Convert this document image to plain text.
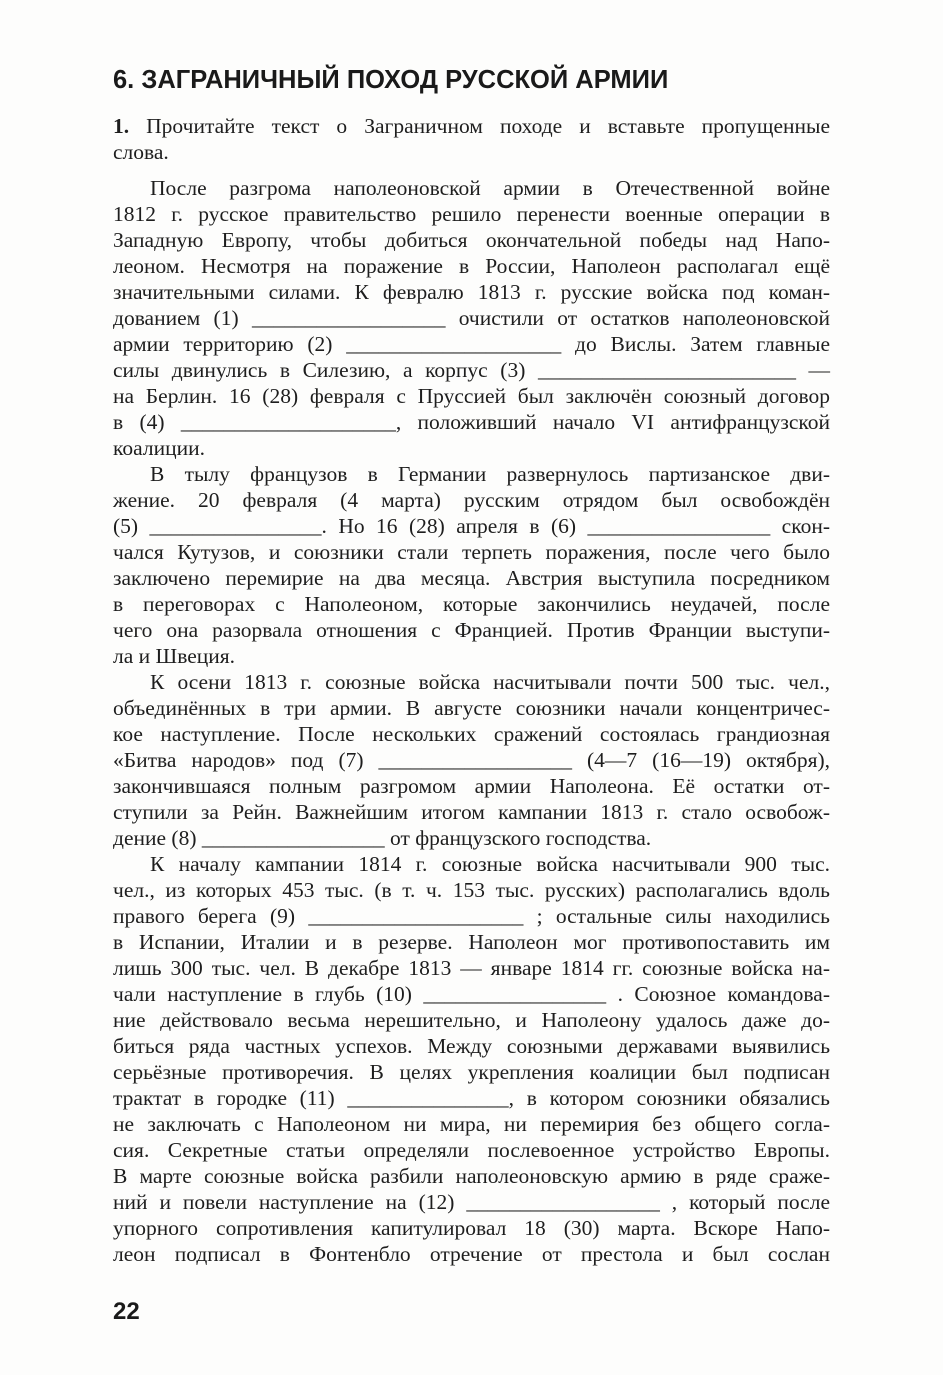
6. ЗАГРАНИЧНЫЙ ПОХОД РУССКОЙ АРМИИ
1. Прочитайте текст о Заграничном походе и вставьте пропущенные
слова.
После разгрома наполеоновской армии в Отечественной войне
1812 г. русское правительство решило перенести военные операции в
Западную Европу, чтобы добиться окончательной победы над Напо-
леоном. Несмотря на поражение в России, Наполеон располагал ещё
значительными силами. К февралю 1813 г. русские войска под коман-
дованием (1) __________________ очистили от остатков наполеоновской
армии территорию (2) ____________________ до Вислы. Затем главные
силы двинулись в Силезию, а корпус (3) ________________________ —
на Берлин. 16 (28) февраля с Пруссией был заключён союзный договор
в (4) ____________________, положивший начало VI антифранцузской
коалиции.
В тылу французов в Германии развернулось партизанское дви-
жение. 20 февраля (4 марта) русским отрядом был освобождён
(5) ________________. Но 16 (28) апреля в (6) _________________ скон-
чался Кутузов, и союзники стали терпеть поражения, после чего было
заключено перемирие на два месяца. Австрия выступила посредником
в переговорах с Наполеоном, которые закончились неудачей, после
чего она разорвала отношения с Францией. Против Франции выступи-
ла и Швеция.
К осени 1813 г. союзные войска насчитывали почти 500 тыс. чел.,
объединённых в три армии. В августе союзники начали концентричес-
кое наступление. После нескольких сражений состоялась грандиозная
«Битва народов» под (7) __________________ (4—7 (16—19) октября),
закончившаяся полным разгромом армии Наполеона. Её остатки от-
ступили за Рейн. Важнейшим итогом кампании 1813 г. стало освобож-
дение (8) _________________ от французского господства.
К началу кампании 1814 г. союзные войска насчитывали 900 тыс.
чел., из которых 453 тыс. (в т. ч. 153 тыс. русских) располагались вдоль
правого берега (9) ____________________ ; остальные силы находились
в Испании, Италии и в резерве. Наполеон мог противопоставить им
лишь 300 тыс. чел. В декабре 1813 — январе 1814 гг. союзные войска на-
чали наступление в глубь (10) _________________ . Союзное командова-
ние действовало весьма нерешительно, и Наполеону удалось даже до-
биться ряда частных успехов. Между союзными державами выявились
серьёзные противоречия. В целях укрепления коалиции был подписан
трактат в городке (11) _______________, в котором союзники обязались
не заключать с Наполеоном ни мира, ни перемирия без общего согла-
сия. Секретные статьи определяли послевоенное устройство Европы.
В марте союзные войска разбили наполеоновскую армию в ряде сраже-
ний и повели наступление на (12) __________________ , который после
упорного сопротивления капитулировал 18 (30) марта. Вскоре Напо-
леон подписал в Фонтенбло отречение от престола и был сослан
22
